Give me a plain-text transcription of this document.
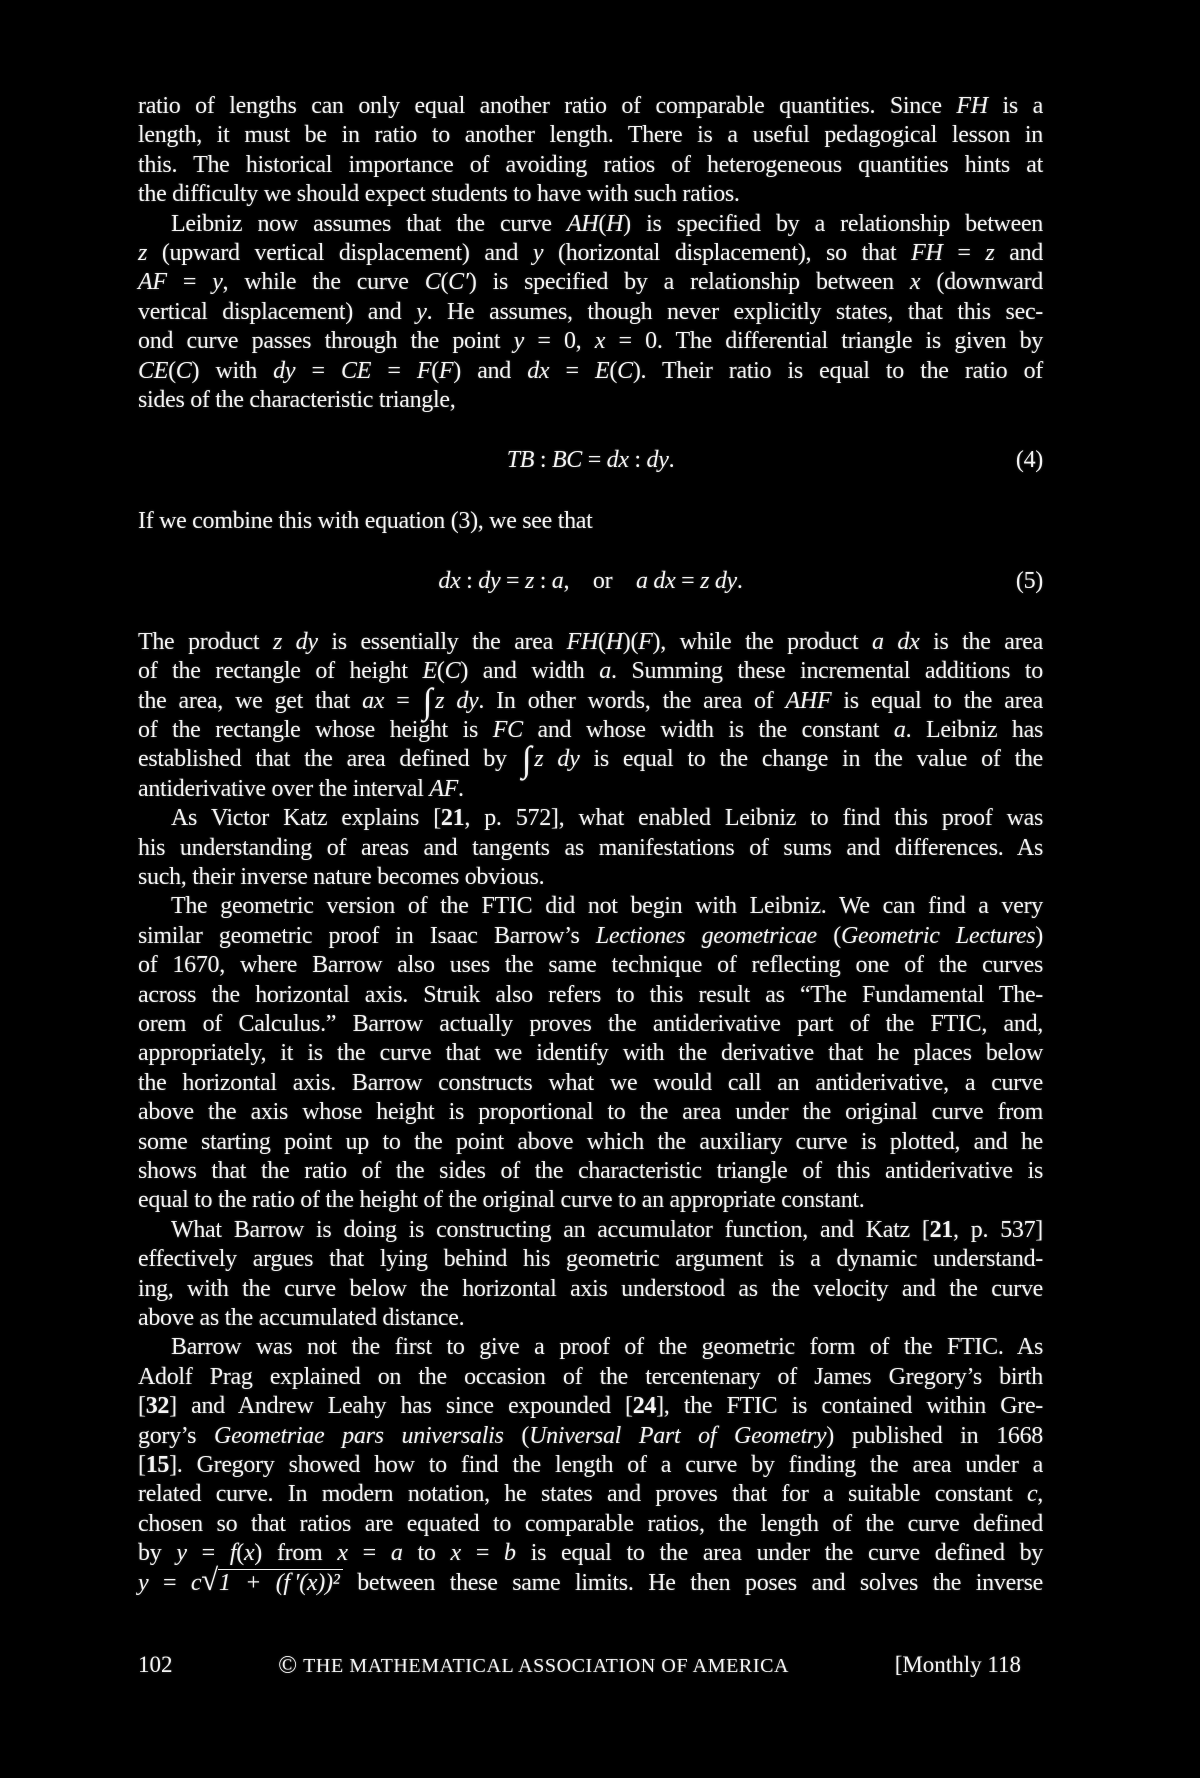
ratio of lengths can only equal another ratio of comparable quantities. Since FH is a
length, it must be in ratio to another length. There is a useful pedagogical lesson in
this. The historical importance of avoiding ratios of heterogeneous quantities hints at
the difficulty we should expect students to have with such ratios.
Leibniz now assumes that the curve AH(H) is specified by a relationship between
z (upward vertical displacement) and y (horizontal displacement), so that FH = z and
AF = y, while the curve C(C′) is specified by a relationship between x (downward
vertical displacement) and y. He assumes, though never explicitly states, that this sec-
ond curve passes through the point y = 0, x = 0. The differential triangle is given by
CE(C) with dy = CE = F(F) and dx = E(C). Their ratio is equal to the ratio of
sides of the characteristic triangle,
TB : BC = dx : dy.	(4)
If we combine this with equation (3), we see that
dx : dy = z : a, or a dx = z dy.	(5)
The product z dy is essentially the area FH(H)(F), while the product a dx is the area
of the rectangle of height E(C) and width a. Summing these incremental additions to
the area, we get that ax = ∫ z dy. In other words, the area of AHF is equal to the area
of the rectangle whose height is FC and whose width is the constant a. Leibniz has
established that the area defined by ∫ z dy is equal to the change in the value of the
antiderivative over the interval AF.
As Victor Katz explains [21, p. 572], what enabled Leibniz to find this proof was
his understanding of areas and tangents as manifestations of sums and differences. As
such, their inverse nature becomes obvious.
The geometric version of the FTIC did not begin with Leibniz. We can find a very
similar geometric proof in Isaac Barrow’s Lectiones geometricae (Geometric Lectures)
of 1670, where Barrow also uses the same technique of reflecting one of the curves
across the horizontal axis. Struik also refers to this result as “The Fundamental The-
orem of Calculus.” Barrow actually proves the antiderivative part of the FTIC, and,
appropriately, it is the curve that we identify with the derivative that he places below
the horizontal axis. Barrow constructs what we would call an antiderivative, a curve
above the axis whose height is proportional to the area under the original curve from
some starting point up to the point above which the auxiliary curve is plotted, and he
shows that the ratio of the sides of the characteristic triangle of this antiderivative is
equal to the ratio of the height of the original curve to an appropriate constant.
What Barrow is doing is constructing an accumulator function, and Katz [21, p. 537]
effectively argues that lying behind his geometric argument is a dynamic understand-
ing, with the curve below the horizontal axis understood as the velocity and the curve
above as the accumulated distance.
Barrow was not the first to give a proof of the geometric form of the FTIC. As
Adolf Prag explained on the occasion of the tercentenary of James Gregory’s birth
[32] and Andrew Leahy has since expounded [24], the FTIC is contained within Gre-
gory’s Geometriae pars universalis (Universal Part of Geometry) published in 1668
[15]. Gregory showed how to find the length of a curve by finding the area under a
related curve. In modern notation, he states and proves that for a suitable constant c,
chosen so that ratios are equated to comparable ratios, the length of the curve defined
by y = f(x) from x = a to x = b is equal to the area under the curve defined by
y = c√1 + (f ′(x))² between these same limits. He then poses and solves the inverse
102	© THE MATHEMATICAL ASSOCIATION OF AMERICA	[Monthly 118
